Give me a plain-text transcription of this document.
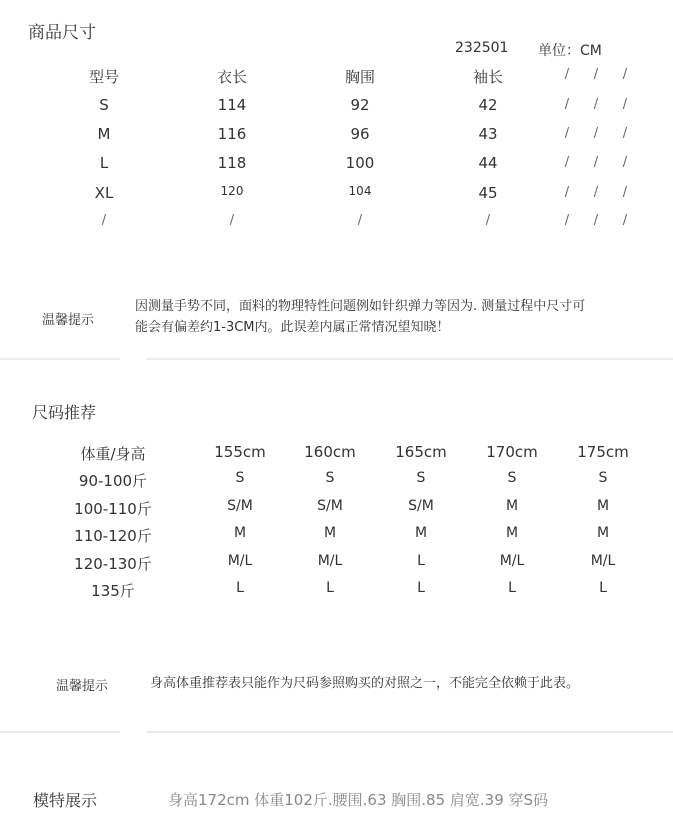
商品尺寸
232501 单位：CM
型号	衣长	胸围	袖长	/ / /
S	114	92	42	/ / /
M	116	96	43	/ / /
L	118	100	44	/ / /
XL	120	104	45	/ / /
/	/	/	/	/ / /
温馨提示
因测量手势不同，面料的物理特性问题例如针织弹力等因为. 测量过程中尺寸可
能会有偏差约1-3CM内。此误差内属正常情况望知晓！
尺码推荐
体重/身高	155cm	160cm	165cm	170cm	175cm
90-100斤	S	S	S	S	S
100-110斤	S/M	S/M	S/M	M	M
110-120斤	M	M	M	M	M
120-130斤	M/L	M/L	L	M/L	M/L
135斤	L	L	L	L	L
温馨提示	身高体重推荐表只能作为尺码参照购买的对照之一，不能完全依赖于此表。
模特展示	身高172cm 体重102斤.腰围.63 胸围.85 肩宽.39 穿S码
